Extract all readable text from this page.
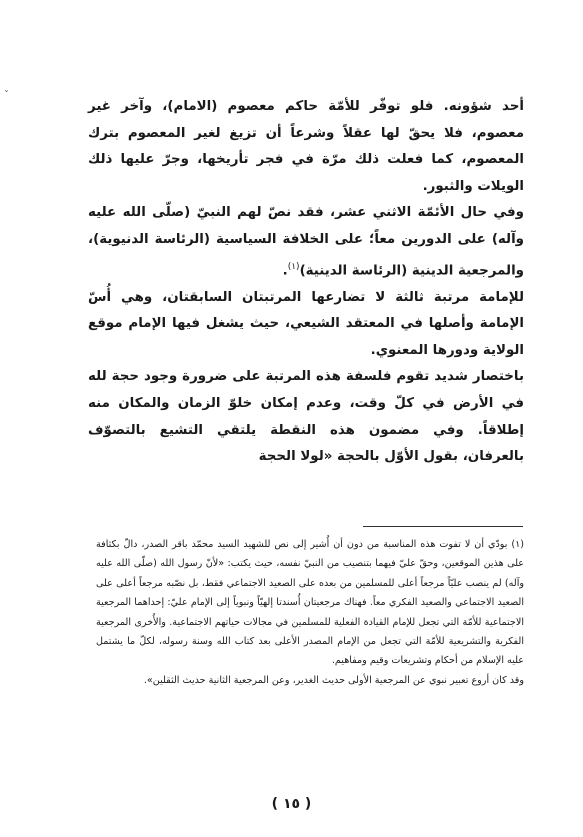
ˇ

أحد شؤونه. فلو توفّر للأمّة حاكم معصوم (الامام)، وآخر غير معصوم، فلا يحقّ لها عقلاً وشرعاً أن تزيغ لغير المعصوم بترك المعصوم، كما فعلت ذلك مرّة في فجر تأريخها، وجرّ عليها ذلك الويلات والثبور.

وفي حال الأئمّة الاثني عشر، فقد نصّ لهم النبيّ (صلّى الله عليه وآله) على الدورين معاً؛ على الخلافة السياسية (الرئاسة الدنيوية)، والمرجعية الدينية (الرئاسة الدينية)$^{(١)}$.

للإمامة مرتبة ثالثة لا تضارعها المرتبتان السابقتان، وهي أُسّ الإمامة وأصلها في المعتقد الشيعي، حيث يشغل فيها الإمام موقع الولاية ودورها المعنوي.

باختصار شديد تقوم فلسفة هذه المرتبة على ضرورة وجود حجة لله في الأرض في كلّ وقت، وعدم إمكان خلوّ الزمان والمكان منه إطلاقاً. وفي مضمون هذه النقطة يلتقي التشيع بالتصوّف بالعرفان، بقول الأوّل بالحجة «لولا الحجة

(١) بودّي أن لا تفوت هذه المناسبة من دون أن أُشير إلى نص للشهيد السيد محمّد باقر الصدر، دالّ بكثافة على هذين الموقعين، وحقّ عليّ فيهما بتنصيب من النبيّ نفسه، حيث يكتب: «لأنّ رسول الله (صلّى الله عليه وآله) لم ينصب عليّاً مرجعاً أعلى للمسلمين من بعده على الصعيد الاجتماعي فقط، بل نصّبه مرجعاً أعلى على الصعيد الاجتماعي والصعيد الفكري معاً. فهناك مرجعيتان أُسندتا إلهيّاً ونبوياً إلى الإمام عليّ: إحداهما المرجعية الاجتماعية للأمّة التي تجعل للإمام القيادة الفعلية للمسلمين في مجالات حياتهم الاجتماعية. والأُخرى المرجعية الفكرية والتشريعية للأمّة التي تجعل من الإمام المصدر الأعلى بعد كتاب الله وسنة رسوله، لكلّ ما يشتمل عليه الإسلام من أحكام وتشريعات وقيم ومفاهيم.

وقد كان أروع تعبير نبوي عن المرجعية الأولى حديث الغدير، وعن المرجعية الثانية حديث الثقلين».

( ١٥ )
